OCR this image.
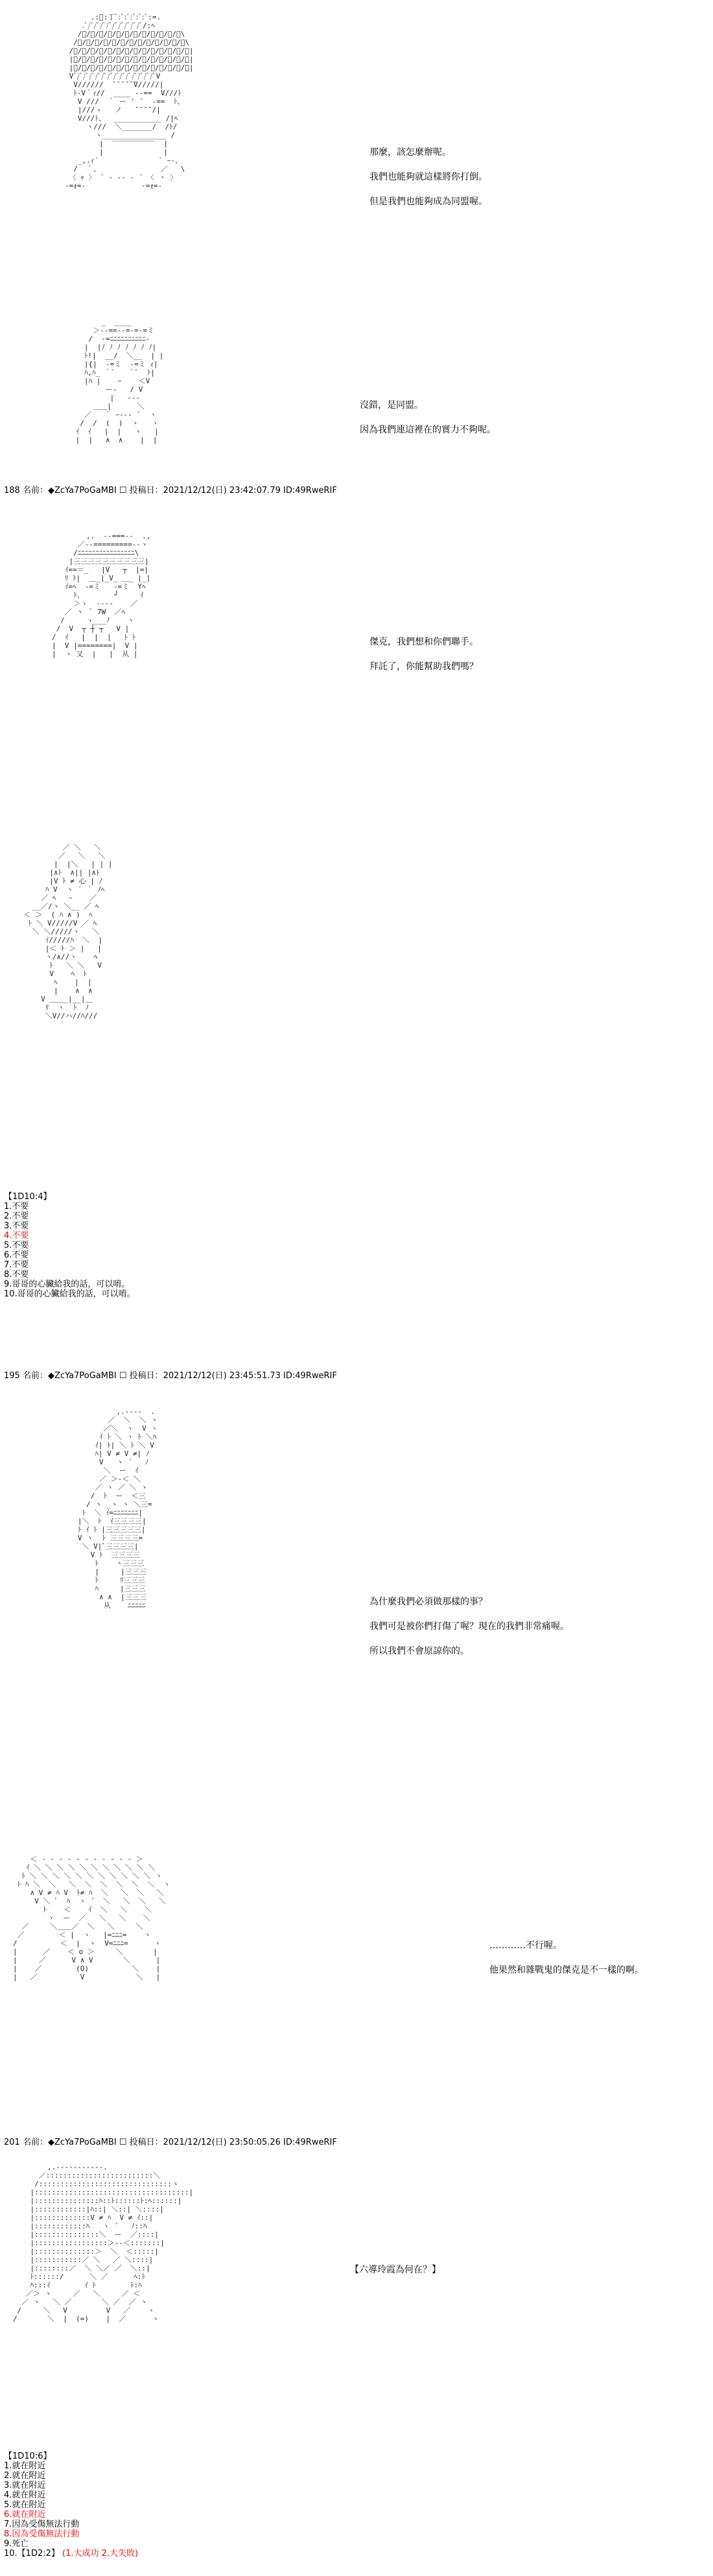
.:ﾞ:丁ﾞ:ﾟ:ﾞ:ﾞ:ﾞ:ﾞ:=.
.ﾞ/ﾞ/ﾞ/ﾞ/ﾞ/ﾞ/ﾞ/ﾞ/ﾞ/ﾞ/:ﾍ
/ﾞ/ﾞ/ﾞ/ﾞ/ﾞ/ﾞ/ﾞ/ﾞ/ﾞ/ﾞ/ﾞ/ﾞ\
/ﾞ/ﾞ/ﾞ/ﾞ/ﾞ/ﾞ/ﾞ/ﾞ/ﾞ/ﾞ/ﾞ/ﾞ/ﾞ\
/ﾞ/ﾞ/ﾞ/ﾞ/ﾞ/ﾞ/ﾞ/ﾞ/ﾞ/ﾞ/ﾞ/ﾞ/ﾞ/ﾞ|
|ﾞ/ﾞ/ﾞ/ﾞ/ﾞ/ﾞ/ﾞ/ﾞ/ﾞ/ﾞ/ﾞ/ﾞ/ﾞ/ﾞ|
|ﾞ/ﾞ/ﾞ/ﾞ/ﾞ/ﾞ/ﾞ/ﾞ/ﾞ/ﾞ/ﾞ/ﾞ/ﾞ/ﾞ|
Vﾞ/ﾞ/ﾞ/ﾞ/ﾞ/ﾞ/ﾞ/ﾞ/ﾞ/ﾞ/ﾞ/ﾞ/ﾞ/ﾞV
V//////  ̄ ̄ ̄ ̄ ̄ ̄V/////|
ﾄ-V｀ｨ//  ____ -‐==  V///ﾄ
V ///  ｀ ー ' ´  ‐==  ﾄ、
|///ゝ   ノ   ̄ ̄ ̄ ̄ /|
V///ﾄ、  ___________ /|ﾍ
ヽ///  ＼_______/  /ﾄ/
ヽ_______________ /
|  ‾‾‾‾‾‾‾‾‾‾  |
|              |
_,.ｨ´              ` ｰ-、
/  ｀、              ／   \
〈 ｬ 〉 ´ ‐ -- ‐ ´ 〈 ヽ 〉
-=ｫ=-             -=ｫ=-

那麼，該怎麼辦呢。

我們也能夠就這樣將你打倒。

但是我們也能夠成為同盟喔。

_  ____
＞-‐==‐‐=-=-=ミ
/  ‐=ﾆﾆﾆﾆﾆﾆﾆﾆﾆﾆ-
|  |ﾉ ﾉ ﾉ ﾉ ﾉ ﾉ ﾉ|
ﾄ!|  __/  ＼__  | |
|{|  ‐=ミ  ‐=ミ ｨ|
ﾊ,ﾊ_ ｀ﾞ   ｀ﾞ  ﾄ|
|ﾊ |    ｰ    ＜V
ー‐   / V
|   ---
＿＿|      ＼
／   ｀ ｰ--- ´  ヽ
/  /  (  )  ヽ   ヽ
ｲ  ｲ   |  |   ヽ   |
|  |   ∧  ∧    |  |

沒錯，是同盟。

因為我們連這裡在的實力不夠呢。

188 名前：◆ZcYa7PoGaMBI ☐ 投稿日：2021/12/12(日) 23:42:07.79 ID:49RweRIF
,.  -‐===‐-  .,
／-‐=========‐-ヽ
/ﾆﾆﾆﾆﾆﾆﾆﾆﾆﾆﾆﾆﾆﾆﾆﾆ\
|三三三三三三三三三三|
ｲ==＝_   |V   ┬  |=|
ﾘ ﾄ|  ＿_|_V_ ＿_ |_|
ｲ=ﾍ  ‐=ミ   ‐=ミ  Yﾍ
ﾄ、       ┘     ｲ
＞ゝ  ‐‐‐‐    ／
／ ヽ  ﾞ 7W  ／ﾍ
/     ゝ___ﾉ    ヽ
/  V  ┬ ┼ ┬   V |
/  ｲ   |  |  |   ﾄ ﾄ
|  V |========|  V |
|  ヽ 又  |   |  从 |

傑克，我們想和你們聯手。

拜託了，你能幫助我們嗎？

／ ＼   ＼
／   ＼   ＼
|  |＼   | | |
|∧ﾄ  ∧|| |∧ﾄ
|V ﾄ ≠ 心 | ﾉ
ﾊ V  ヽ ´ ｀ ﾉﾍ
／ ﾍ   ｰ    ／
__／/ヽ ＼__ ／ ﾍ
＜ ＞  ( ﾊ ∧ )  ﾍ
ﾄ ＼ V/////V ／ ﾍ
＼ ＼/////ヽ   ＼
ｲ/////ﾊ  ＼  |
|＜ ﾄ ＞ |   |
ヽ/∧//ヽ    ﾍ
ﾄ   ＼ ＼   V
V    ﾍ  ﾄ
ﾍ    |  |
|    ∧  ∧
V ＿＿_|__|＿
ﾘ  ヽ  ﾄ  ﾉ
＼V//ハ//ﾊ///
【1D10:4】
1.不要
2.不要
3.不要
4.不要
5.不要
6.不要
7.不要
8.不要
9.哥哥的心臟給我的話，可以唷。
10.哥哥的心臟給我的話，可以唷。
195 名前：◆ZcYa7PoGaMBI ☐ 投稿日：2021/12/12(日) 23:45:51.73 ID:49RweRIF
,.-‐‐-  .
／  ＼  ＼ ヽ
／＼  ヽ  V ヽ
ｲ ﾄ ＼ ヽ ﾄ ＼ﾊ
ｲ| ﾄ| ＼ ﾄ ＼ V
ﾊ| V ≠ V ≠| ﾉ
V   ヽ ´   ﾉ
＼  ー  ｲ
／ ＞-＜ ＼
／ ヽ ／ ＼ ヽ
/  ﾄ  ー  ＜三
/ ヽ _ヽ ヽ ＼三=
ﾄ  ＼ ｲ=ﾆﾆﾆﾆﾆﾆﾆ|
|＼  ﾄ  ｲ三三三三|
ﾄ ｲ ﾄ |三三三三三|
V ヽ  ﾄ 三三三三=
＼ V|ﾞ三三三三|
V ﾄ  三三三三
ﾄ    ヽ三三三
|     |三三三
ﾄ     ﾘ三三三
ﾊ     |三三三
∧ ∧  |三三三
从    ﾆﾆﾆﾆﾆ	為什麼我們必須做那樣的事？

我們可是被你們打傷了喔？現在的我們非常痛喔。

所以我們不會原諒你的。

＜ ‐ ‐ ‐ ‐ ‐ ‐ ‐ ‐ ‐ ‐ ‐ ＞
ｲ ＼ ＼ ＼ ＼ ＼ ＼ ＼ ＼ ＼ ＼ ＼
ﾄ ＼ ＼ ＼ ＼ ＼ ＼ ＼ ＼ ＼ ＼ ＼ ヽ
ﾄ ﾊ ＼  ＼   ＼  ＼  ＼  ＼  ＼  ＼  ヽ
∧ V ≠ ﾊ V  ﾄ≠ ﾊ  ＼   ＼  ＼   ＼
V ＼ ﾞ  ﾊ  ヽ ´  ＼   ＼  ＼   ＼
ﾄ    ＜    ｲ  ＼   ＼    ＼
ヽ  ー  ／   ＼   ＼    ＼
／     ＼＿＿／  ＼   ＼     ＼
／        ＜ |  ヽ   |=ﾆﾆﾆ=    ヽ
/          ＜  |  ヽ  V=ﾆﾆﾆ=      ヽ
|      ／    ＜ o ＞     ＼       |
|     ／      V ∧ V       ＼      |
|    ／        (O)          ＼    |
|   ／          V            ＼   |

…………不行喔。

他果然和雜戰鬼的傑克是不一樣的啊。

201 名前：◆ZcYa7PoGaMBI ☐ 投稿日：2021/12/12(日) 23:50:05.26 ID:49RweRIF
,.-‐‐‐‐‐‐‐‐‐-.
／:::::::::::::::::::::::::＼
/:::::::::::::::::::::::::::::::ヽ
|::::::::::::::::::::::::::::::::::::|
|:::::::::::::::ﾊ::ﾄ::::::ﾄ:ﾍ::::::|
|::::::::::::|ﾊ::| ＼::| ＼::::|
|:::::::::::::V ≠ ﾊ  V ≠ ｲ::|
|::::::::::::ﾊ   ヽ ´   ﾉ::ﾊ
|:::::::::::::::＼  ー  ／::::|
|:::::::::::::::::＞--＜:::::::|
|::::::::::::::＞  ＼  ＜:::::|
|:::::::::::／ ＼   ／ ＼::::|
|::::::::／  ＼ ＼／ ／  ＼::|
ﾄ::::::/      ＼ ／      ﾍ:ﾄ
ﾊ:::ｲ        ｲ ﾄ        ﾄ:ﾊ
／＞ ヽ     ／   ＼     ／ ＜
／ ヽ   ＼ ／       ＼ ／  ／ ヽ
/     ＼   V         V   ／    ヽ
/       ＼  |  (=)    |  ／      ヽ

【六導玲霞為何在？】

【1D10:6】
1.就在附近
2.就在附近
3.就在附近
4.就在附近
5.就在附近
6.就在附近
7.因為受傷無法行動
8.因為受傷無法行動
9.死亡
10.【1D2:2】 (1.大成功 2.大失敗)
